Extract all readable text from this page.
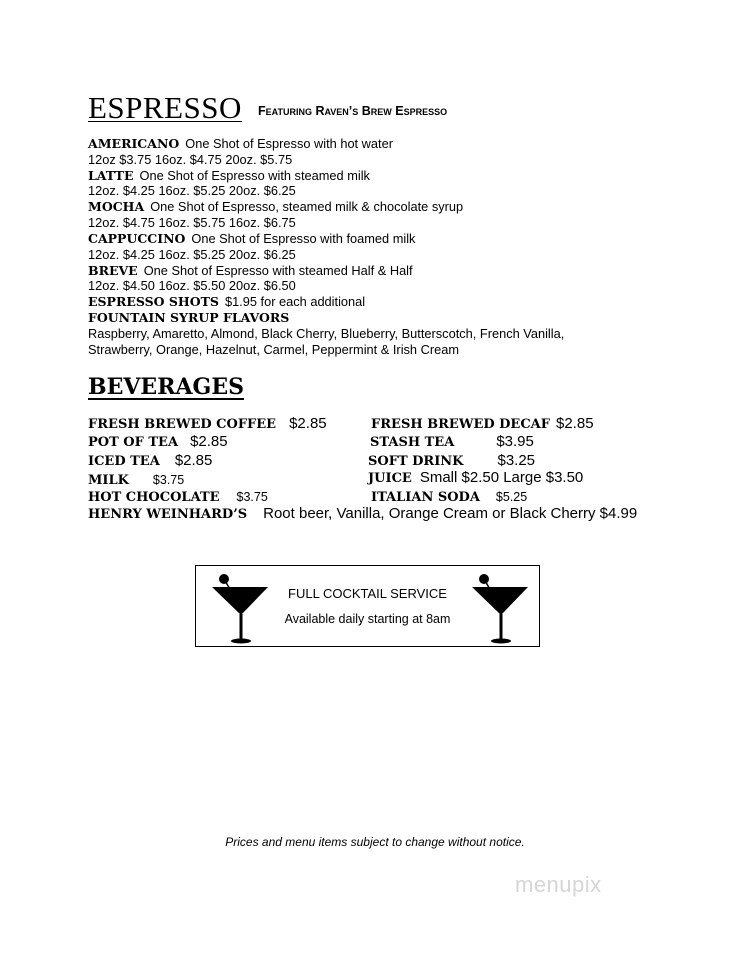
ESPRESSO Featuring Raven’s Brew Espresso
AMERICANO One Shot of Espresso with hot water
12oz $3.75 16oz. $4.75 20oz. $5.75
LATTE One Shot of Espresso with steamed milk
12oz. $4.25 16oz. $5.25 20oz. $6.25
MOCHA One Shot of Espresso, steamed milk & chocolate syrup
12oz. $4.75 16oz. $5.75 16oz. $6.75
CAPPUCCINO One Shot of Espresso with foamed milk
12oz. $4.25 16oz. $5.25 20oz. $6.25
BREVE One Shot of Espresso with steamed Half & Half
12oz. $4.50 16oz. $5.50 20oz. $6.50
ESPRESSO SHOTS $1.95 for each additional
FOUNTAIN SYRUP FLAVORS
Raspberry, Amaretto, Almond, Black Cherry, Blueberry, Butterscotch, French Vanilla,
Strawberry, Orange, Hazelnut, Carmel, Peppermint & Irish Cream
BEVERAGES
FRESH BREWED COFFEE $2.85	FRESH BREWED DECAF $2.85
POT OF TEA $2.85	STASH TEA	$3.95
ICED TEA $2.85	SOFT DRINK $3.25
MILK $3.75	JUICE Small $2.50 Large $3.50
HOT CHOCOLATE $3.75	ITALIAN SODA $5.25
HENRY WEINHARD’S Root beer, Vanilla, Orange Cream or Black Cherry $4.99
FULL COCKTAIL SERVICE
Available daily starting at 8am
Prices and menu items subject to change without notice.
menupix
